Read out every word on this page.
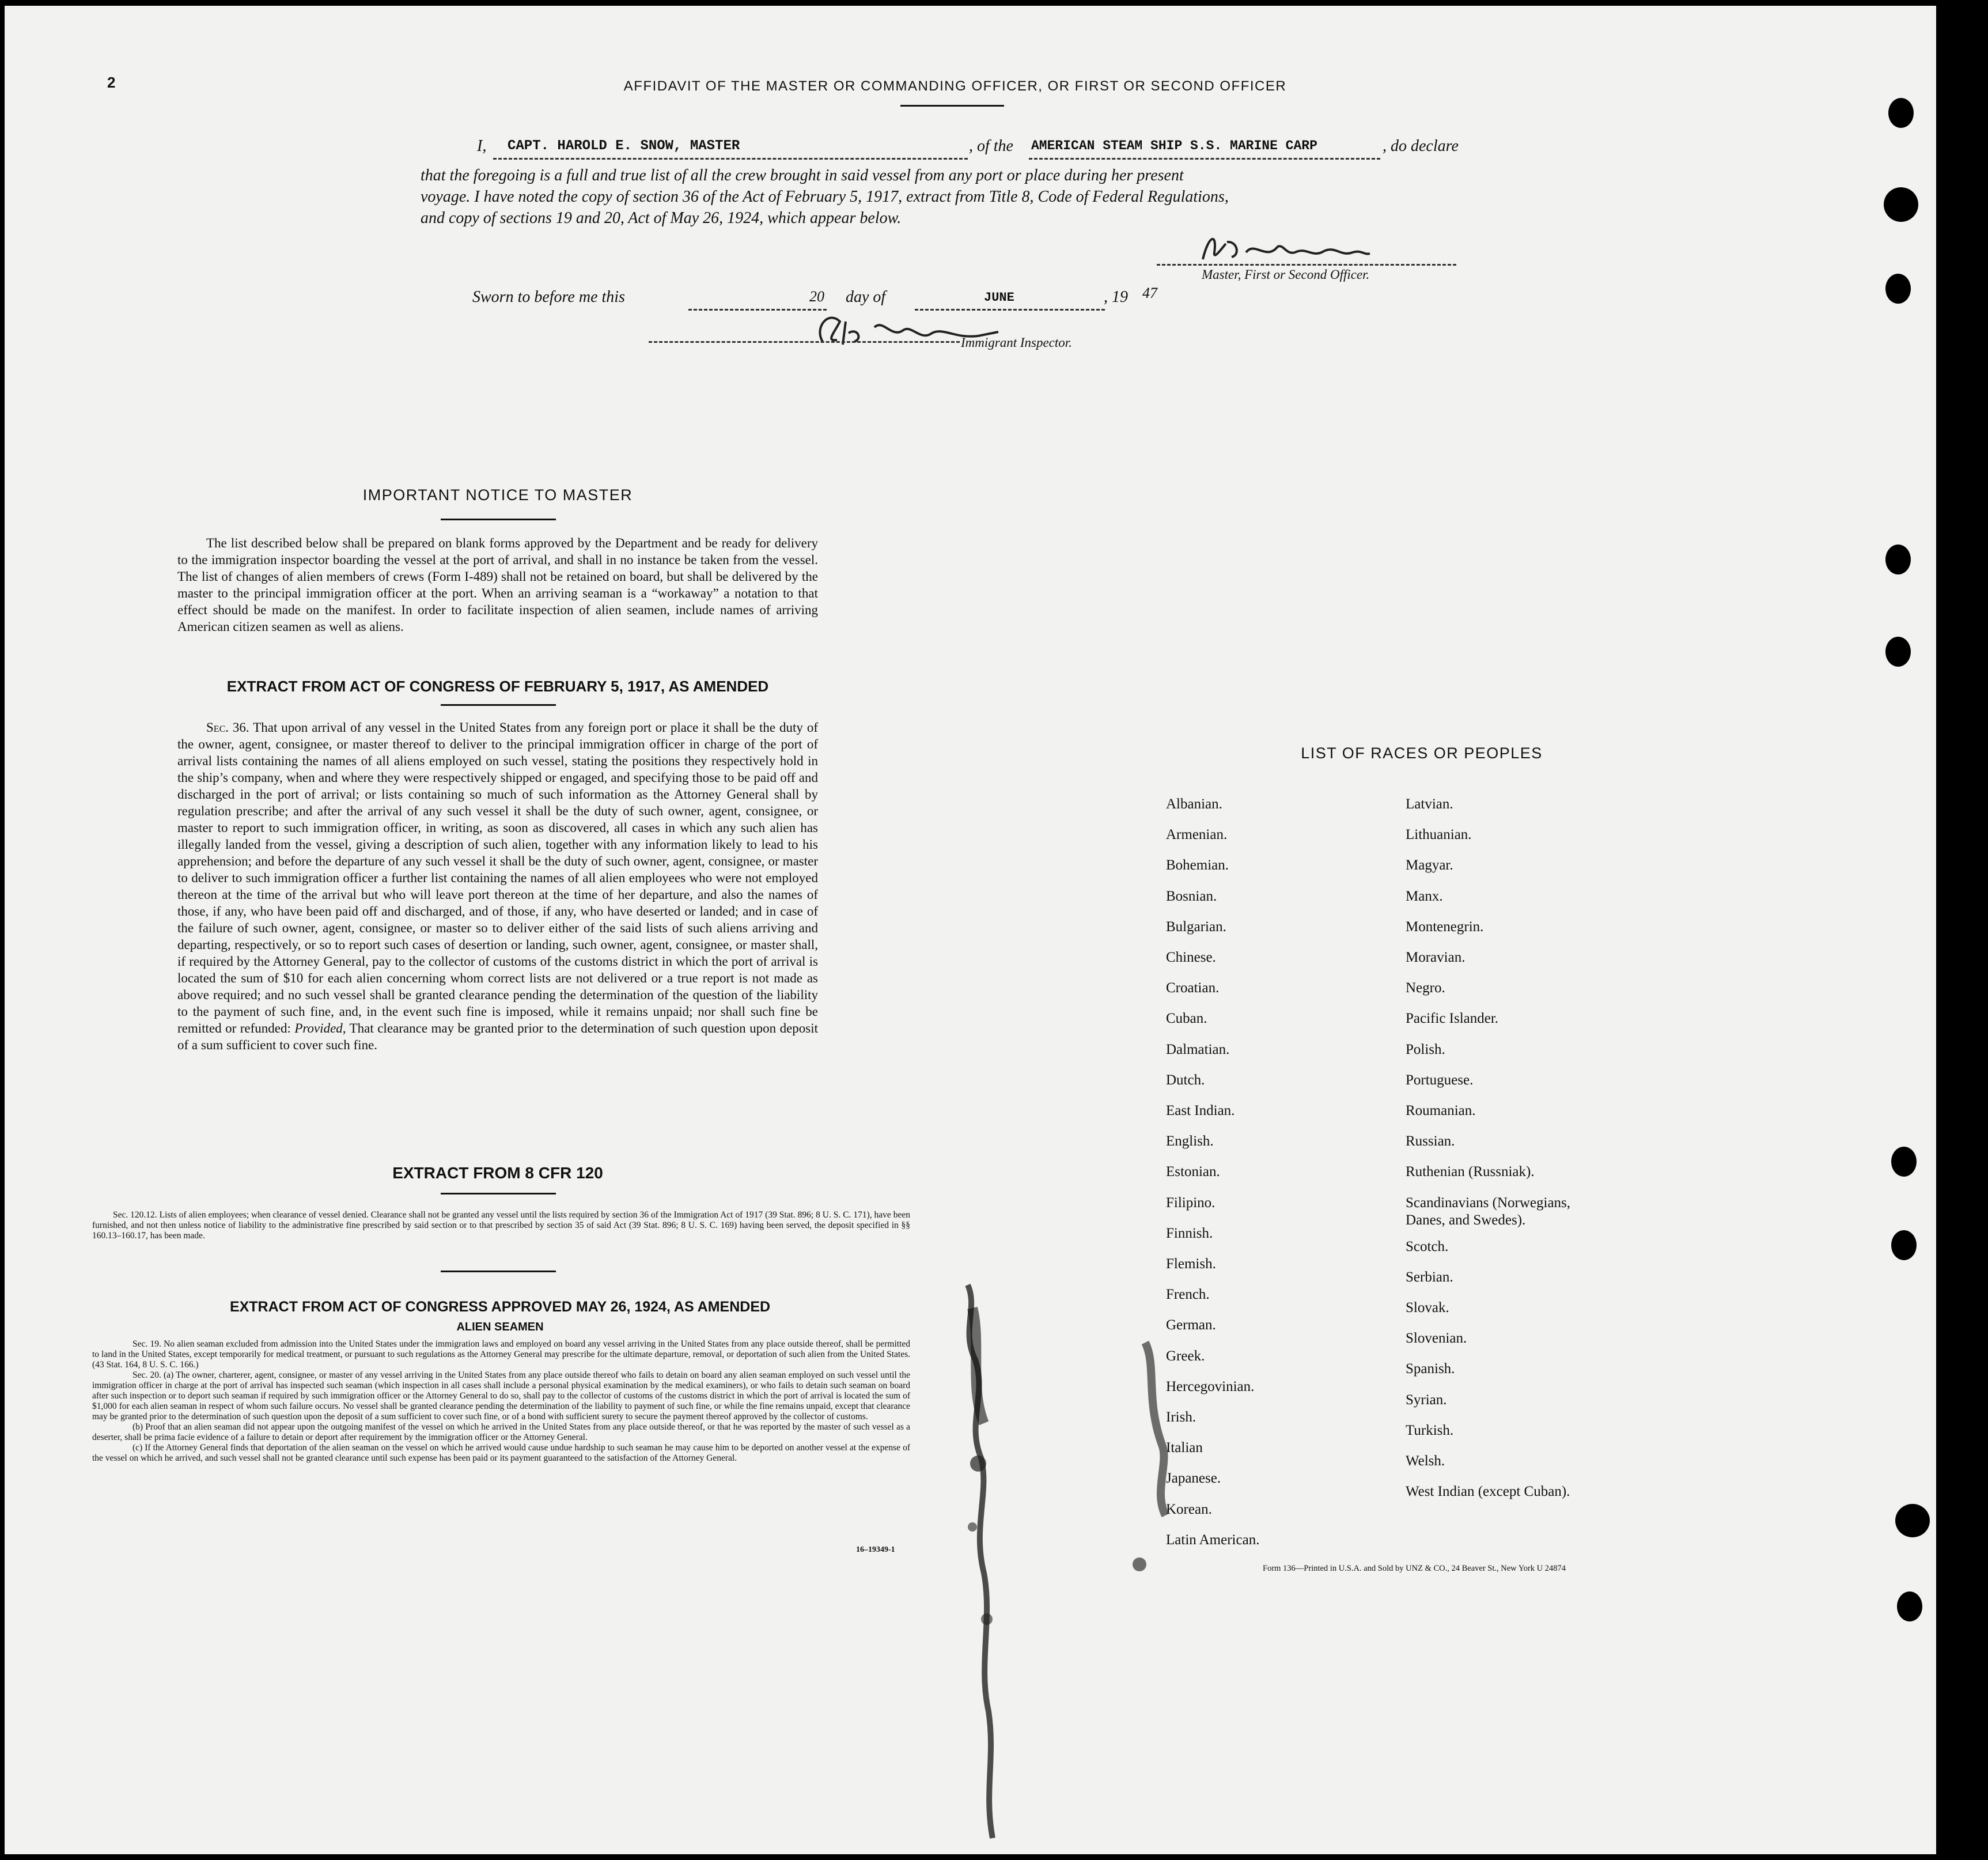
2	AFFIDAVIT OF THE MASTER OR COMMANDING OFFICER, OR FIRST OR SECOND OFFICER
I,	CAPT. HAROLD E. SNOW, MASTER	, of the AMERICAN STEAM SHIP S.S. MARINE CARP	, do declare
that the foregoing is a full and true list of all the crew brought in said vessel from any port or place during her present
voyage. I have noted the copy of section 36 of the Act of February 5, 1917, extract from Title 8, Code of Federal Regulations,
and copy of sections 19 and 20, Act of May 26, 1924, which appear below.
Master, First or Second Officer.
Sworn to before me this	20 day of	JUNE	, 19 47
Immigrant Inspector.
IMPORTANT NOTICE TO MASTER
The list described below shall be prepared on blank forms approved by the Department and be ready for delivery to the immigration inspector boarding the vessel at the port of arrival, and shall in no instance be taken from the vessel. The list of changes of alien members of crews (Form I-489) shall not be retained on board, but shall be delivered by the master to the principal immigration officer at the port. When an arriving seaman is a “workaway” a notation to that effect should be made on the manifest. In order to facilitate inspection of alien seamen, include names of arriving American citizen seamen as well as aliens.
EXTRACT FROM ACT OF CONGRESS OF FEBRUARY 5, 1917, AS AMENDED
Sec. 36. That upon arrival of any vessel in the United States from any foreign port or place it shall be the duty of the owner, agent, consignee, or master thereof to deliver to the principal immigration officer in charge of the port of arrival lists containing the names of all aliens employed on such vessel, stating the positions they respectively hold in the ship’s company, when and where they were respectively shipped or engaged, and specifying those to be paid off and discharged in the port of arrival; or lists containing so much of such information as the Attorney General shall by regulation prescribe; and after the arrival of any such vessel it shall be the duty of such owner, agent, consignee, or master to report to such immigration officer, in writing, as soon as discovered, all cases in which any such alien has illegally landed from the vessel, giving a description of such alien, together with any information likely to lead to his apprehension; and before the departure of any such vessel it shall be the duty of such owner, agent, consignee, or master to deliver to such immigration officer a further list containing the names of all alien employees who were not employed thereon at the time of the arrival but who will leave port thereon at the time of her departure, and also the names of those, if any, who have been paid off and discharged, and of those, if any, who have deserted or landed; and in case of the failure of such owner, agent, consignee, or master so to deliver either of the said lists of such aliens arriving and departing, respectively, or so to report such cases of desertion or landing, such owner, agent, consignee, or master shall, if required by the Attorney General, pay to the collector of customs of the customs district in which the port of arrival is located the sum of $10 for each alien concerning whom correct lists are not delivered or a true report is not made as above required; and no such vessel shall be granted clearance pending the determination of the question of the liability to the payment of such fine, and, in the event such fine is imposed, while it remains unpaid; nor shall such fine be remitted or refunded: Provided, That clearance may be granted prior to the determination of such question upon deposit of a sum sufficient to cover such fine.
EXTRACT FROM 8 CFR 120
Sec. 120.12. Lists of alien employees; when clearance of vessel denied. Clearance shall not be granted any vessel until the lists required by section 36 of the Immigration Act of 1917 (39 Stat. 896; 8 U. S. C. 171), have been furnished, and not then unless notice of liability to the administrative fine prescribed by said section or to that prescribed by section 35 of said Act (39 Stat. 896; 8 U. S. C. 169) having been served, the deposit specified in §§ 160.13–160.17, has been made.
EXTRACT FROM ACT OF CONGRESS APPROVED MAY 26, 1924, AS AMENDED
ALIEN SEAMEN
Sec. 19. No alien seaman excluded from admission into the United States under the immigration laws and employed on board any vessel arriving in the United States from any place outside thereof, shall be permitted to land in the United States, except temporarily for medical treatment, or pursuant to such regulations as the Attorney General may prescribe for the ultimate departure, removal, or deportation of such alien from the United States. (43 Stat. 164, 8 U. S. C. 166.)
Sec. 20. (a) The owner, charterer, agent, consignee, or master of any vessel arriving in the United States from any place outside thereof who fails to detain on board any alien seaman employed on such vessel until the immigration officer in charge at the port of arrival has inspected such seaman (which inspection in all cases shall include a personal physical examination by the medical examiners), or who fails to detain such seaman on board after such inspection or to deport such seaman if required by such immigration officer or the Attorney General to do so, shall pay to the collector of customs of the customs district in which the port of arrival is located the sum of $1,000 for each alien seaman in respect of whom such failure occurs. No vessel shall be granted clearance pending the determination of the liability to payment of such fine, or while the fine remains unpaid, except that clearance may be granted prior to the determination of such question upon the deposit of a sum sufficient to cover such fine, or of a bond with sufficient surety to secure the payment thereof approved by the collector of customs.
(b) Proof that an alien seaman did not appear upon the outgoing manifest of the vessel on which he arrived in the United States from any place outside thereof, or that he was reported by the master of such vessel as a deserter, shall be prima facie evidence of a failure to detain or deport after requirement by the immigration officer or the Attorney General.
(c) If the Attorney General finds that deportation of the alien seaman on the vessel on which he arrived would cause undue hardship to such seaman he may cause him to be deported on another vessel at the expense of the vessel on which he arrived, and such vessel shall not be granted clearance until such expense has been paid or its payment guaranteed to the satisfaction of the Attorney General.
16–19349-1
LIST OF RACES OR PEOPLES
Albanian.
Armenian.
Bohemian.
Bosnian.
Bulgarian.
Chinese.
Croatian.
Cuban.
Dalmatian.
Dutch.
East Indian.
English.
Estonian.
Filipino.
Finnish.
Flemish.
French.
German.
Greek.
Hercegovinian.
Irish.
Italian
Japanese.
Korean.
Latin American.
Latvian.
Lithuanian.
Magyar.
Manx.
Montenegrin.
Moravian.
Negro.
Pacific Islander.
Polish.
Portuguese.
Roumanian.
Russian.
Ruthenian (Russniak).
Scandinavians (Norwegians,
Danes, and Swedes).
Scotch.
Serbian.
Slovak.
Slovenian.
Spanish.
Syrian.
Turkish.
Welsh.
West Indian (except Cuban).
Form 136—Printed in U.S.A. and Sold by UNZ & CO., 24 Beaver St., New York U 24874
